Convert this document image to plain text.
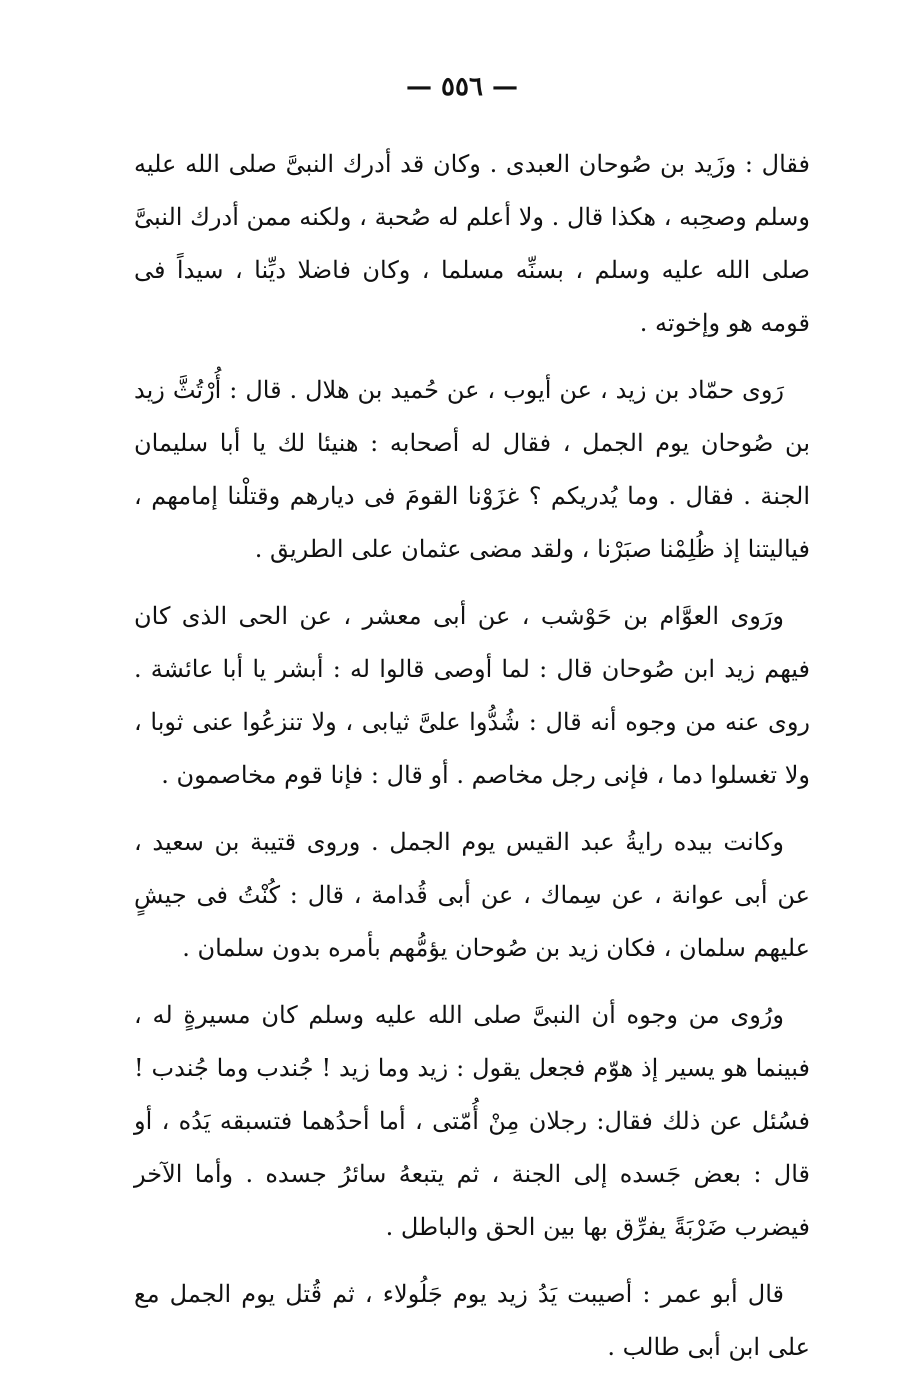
— ٥٥٦ —

فقال : وزَيد بن صُوحان العبدى . وكان قد أدرك النبىَّ صلى الله عليه وسلم وصحِبه ، هكذا قال . ولا أعلم له صُحبة ، ولكنه ممن أدرك النبىَّ صلى الله عليه وسلم ، بسنِّه مسلما ، وكان فاضلا ديِّنا ، سيداً فى قومه هو وإخوته .

رَوى حمّاد بن زيد ، عن أيوب ، عن حُميد بن هلال . قال : أُرْتُثَّ زيد بن صُوحان يوم الجمل ، فقال له أصحابه : هنيئا لك يا أبا سليمان الجنة . فقال . وما يُدريكم ؟ غزَوْنا القومَ فى ديارهم وقتلْنا إمامهم ، فياليتنا إذ ظُلِمْنا صبَرْنا ، ولقد مضى عثمان على الطريق .

ورَوى العوَّام بن حَوْشب ، عن أبى معشر ، عن الحى الذى كان فيهم زيد ابن صُوحان قال : لما أوصى قالوا له : أبشر يا أبا عائشة . روى عنه من وجوه أنه قال : شُدُّوا علىَّ ثيابى ، ولا تنزعُوا عنى ثوبا ، ولا تغسلوا دما ، فإنى رجل مخاصم . أو قال : فإنا قوم مخاصمون .

وكانت بيده رايةُ عبد القيس يوم الجمل . وروى قتيبة بن سعيد ، عن أبى عوانة ، عن سِماك ، عن أبى قُدامة ، قال : كُنْتُ فى جيشٍ عليهم سلمان ، فكان زيد بن صُوحان يؤمُّهم بأمره بدون سلمان .

ورُوى من وجوه أن النبىَّ صلى الله عليه وسلم كان مسيرةٍ له ، فبينما هو يسير إذ هوّم فجعل يقول : زيد وما زيد ! جُندب وما جُندب ! فسُئل عن ذلك فقال: رجلان مِنْ أُمّتى ، أما أحدُهما فتسبقه يَدُه ، أو قال : بعض جَسده إلى الجنة ، ثم يتبعهُ سائرُ جسده . وأما الآخر فيضرب ضَرْبَةً يفرِّق بها بين الحق والباطل .

قال أبو عمر : أصيبت يَدُ زيد يوم جَلُولاء ، ثم قُتل يوم الجمل مع على ابن أبى طالب .
